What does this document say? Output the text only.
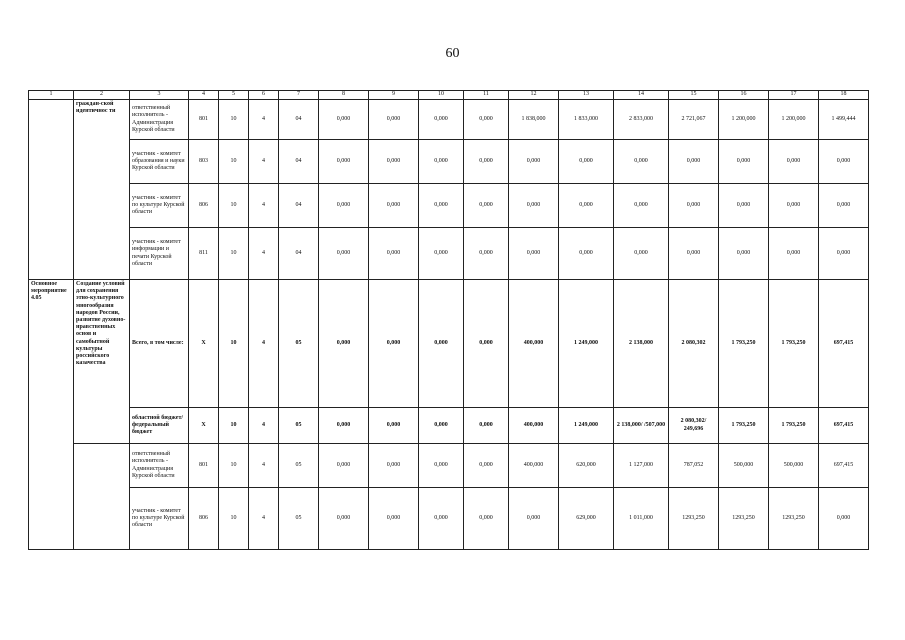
60
1	2	3	4	5	6	7	8	9	10	11	12	13	14	15	16	17	18
	граждан-ской идентичнос ти	ответственный исполнитель - Администрация Курской области	801	10	4	04	0,000	0,000	0,000	0,000	1 838,000	1 833,000	2 833,000	2 721,067	1 200,000	1 200,000	1 499,444
		участник - комитет образования и науки Курской области	803	10	4	04	0,000	0,000	0,000	0,000	0,000	0,000	0,000	0,000	0,000	0,000	0,000
		участник - комитет по культуре Курской области	806	10	4	04	0,000	0,000	0,000	0,000	0,000	0,000	0,000	0,000	0,000	0,000	0,000
		участник - комитет информации и печати Курской области	811	10	4	04	0,000	0,000	0,000	0,000	0,000	0,000	0,000	0,000	0,000	0,000	0,000
Основное мероприятие 4.05	Создание условий для сохранения этно-культурного многообразия народов России, развитие духовно-нравственных основ и самобытной культуры российского казачества	Всего, в том числе:	X	10	4	05	0,000	0,000	0,000	0,000	400,000	1 249,000	2 138,000	2 080,302	1 793,250	1 793,250	697,415
		областной бюджет/ федеральный бюджет	X	10	4	05	0,000	0,000	0,000	0,000	400,000	1 249,000	2 138,000/ /507,000	2 080,302/ 249,696	1 793,250	1 793,250	697,415
		ответственный исполнитель - Администрация Курской области	801	10	4	05	0,000	0,000	0,000	0,000	400,000	620,000	1 127,000	787,052	500,000	500,000	697,415
		участник - комитет по культуре Курской области	806	10	4	05	0,000	0,000	0,000	0,000	0,000	629,000	1 011,000	1293,250	1293,250	1293,250	0,000
